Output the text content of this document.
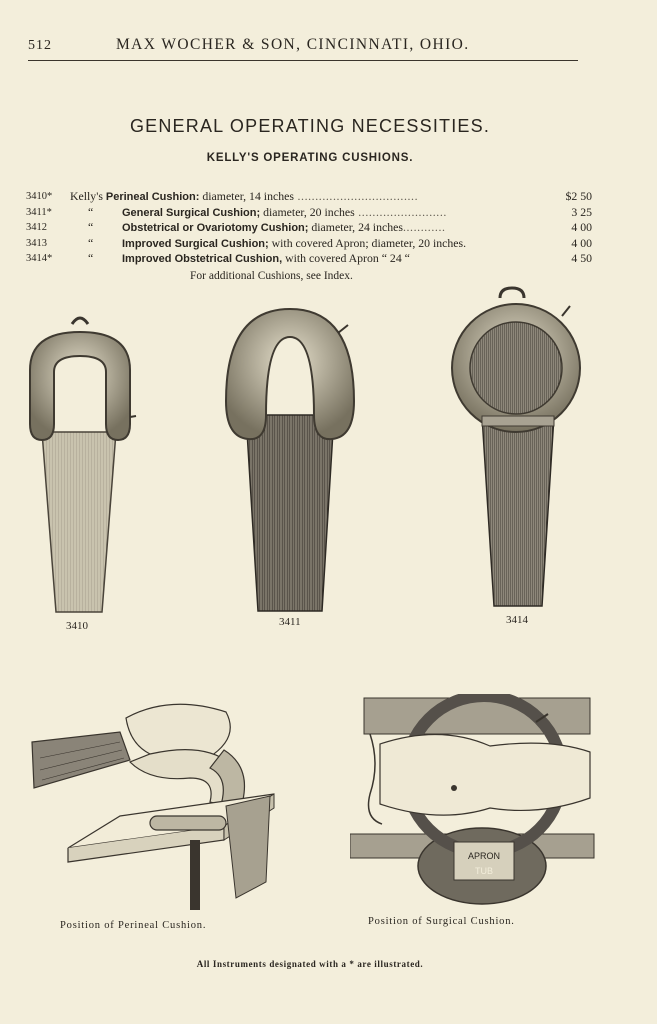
512	MAX WOCHER & SON, CINCINNATI, OHIO.
GENERAL OPERATING NECESSITIES.
KELLY'S OPERATING CUSHIONS.
3410*	Kelly's Perineal Cushion: diameter, 14 inches ..................................	$2 50
3411*	“	General Surgical Cushion; diameter, 20 inches .........................	3 25
3412	“	Obstetrical or Ovariotomy Cushion; diameter, 24 inches............	4 00
3413	“	Improved Surgical Cushion; with covered Apron; diameter, 20 inches.	4 00
3414*	“	Improved Obstetrical Cushion, with covered Apron “ 24 “	4 50
For additional Cushions, see Index.
3410	3411	3414
Position of Perineal Cushion.
APRON
TUB
Position of Surgical Cushion.
All Instruments designated with a * are illustrated.
